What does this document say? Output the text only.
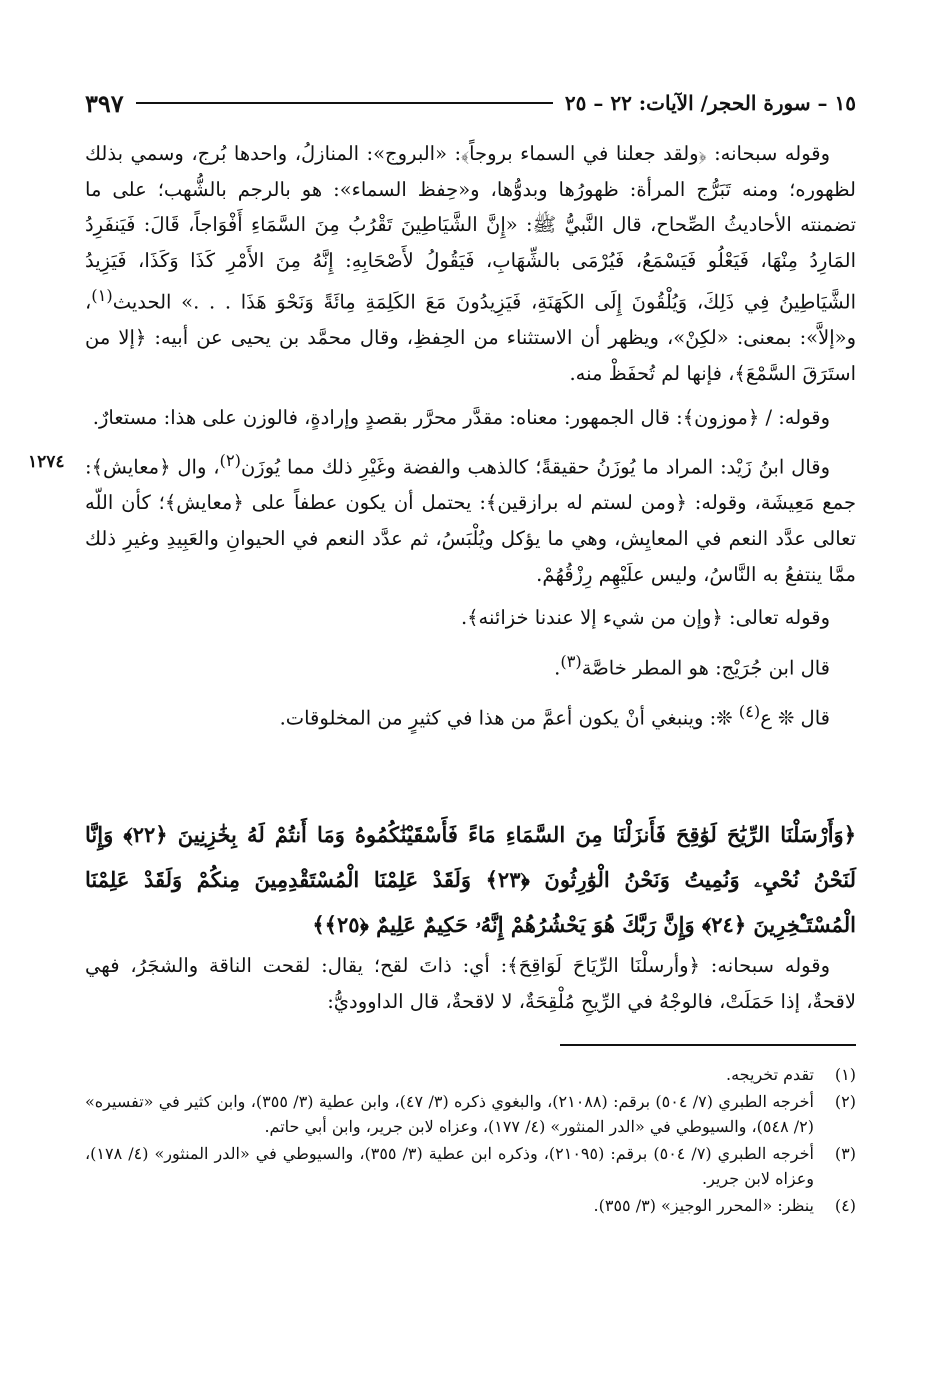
١٥ – سورة الحجر/ الآيات: ٢٢ – ٢٥
٣٩٧
١٢٧٤

وقوله سبحانه: ﴿ولقد جعلنا في السماء بروجاً﴾: «البروج»: المنازلُ، واحدها بُرج، وسمي بذلك لظهوره؛ ومنه تَبَرُّج المرأة: ظهورُها وبدوُّها، و«حِفظ السماء»: هو بالرجم بالشُّهب؛ على ما تضمنته الأحاديثُ الصِّحاح، قال النَّبيُّ ﷺ: «إِنَّ الشَّيَاطِينَ تَقْرُبُ مِنَ السَّمَاءِ أَفْوَاجاً، قَالَ: فَيَنفَرِدُ المَارِدُ مِنْهَا، فَيَعْلُو فَيَسْمَعُ، فَيُرْمَى بالشِّهَابِ، فَيَقُولُ لأَصْحَابِهِ: إِنَّهُ مِنَ الأَمْرِ كَذَا وَكَذَا، فَيَزِيدُ الشَّيَاطِينُ فِي ذَلِكَ، وَيُلْقُونَ إِلَى الكَهَنَةِ، فَيَزِيدُونَ مَعَ الكَلِمَةِ مِائَةً وَنَحْوَ هَذَا . . .» الحديث$^{(١)}$، و«إلاَّ»: بمعنى: «لكِنْ»، ويظهر أن الاستثناء من الحِفظِ، وقال محمَّد بن يحيى عن أبيه: ﴿إلا من استَرَقَ السَّمْعَ﴾، فإنها لم تُحفَظْ منه.

وقوله: / ﴿موزون﴾: قال الجمهور: معناه: مقدَّر محرَّر بقصدٍ وإرادةٍ، فالوزن على هذا: مستعارٌ.

وقال ابنُ زَيْد: المراد ما يُوزَنُ حقيقةً؛ كالذهب والفضة وغَيْرِ ذلك مما يُوزَن$^{(٢)}$، وال ﴿معايش﴾: جمع مَعِيشَة، وقوله: ﴿ومن لستم له برازقين﴾: يحتمل أن يكون عطفاً على ﴿معايش﴾؛ كأن اللّه تعالى عدَّد النعم في المعايِش، وهي ما يؤكل ويُلْبَسُ، ثم عدَّد النعم في الحيوانِ والعَبِيدِ وغيرِ ذلك ممَّا ينتفعُ به النَّاسُ، وليس علَيْهِم رِزْقُهُمْ.

وقوله تعالى: ﴿وإن من شيء إلا عندنا خزائنه﴾.

قال ابن جُرَيْج: هو المطر خاصَّة$^{(٣)}$.

قال ❊ ع$^{(٤)}$ ❊: وينبغي أنْ يكون أعمَّ من هذا في كثيرٍ من المخلوقات.

﴿وَأَرْسَلْنَا الرِّيَٰحَ لَوَٰقِحَ فَأَنزَلْنَا مِنَ السَّمَاءِ مَاءً فَأَسْقَيْنَٰكُمُوهُ وَمَا أَنتُمْ لَهُ بِخَٰزِنِينَ ﴿٢٢﴾ وَإِنَّا لَنَحْنُ نُحْيِۦ وَنُمِيتُ وَنَحْنُ الْوَٰرِثُونَ ﴿٢٣﴾ وَلَقَدْ عَلِمْنَا الْمُسْتَقْدِمِينَ مِنكُمْ وَلَقَدْ عَلِمْنَا الْمُسْتَـْٔخِرِينَ ﴿٢٤﴾ وَإِنَّ رَبَّكَ هُوَ يَحْشُرُهُمْ إِنَّهُۥ حَكِيمٌ عَلِيمٌ ﴿٢٥﴾﴾

وقوله سبحانه: ﴿وأرسلْنَا الرِّيَاحَ لَوَاقِحَ﴾: أي: ذاتَ لقح؛ يقال: لقحت الناقة والشجَرُ، فهي لاقحةٌ، إذا حَمَلَتْ، فالوجْهُ في الرِّيحِ مُلْقِحَةٌ، لا لاقحةٌ، قال الداووديُّ:

(١)
تقدم تخريجه.
(٢)
أخرجه الطبري (٧/ ٥٠٤) برقم: (٢١٠٨٨)، والبغوي ذكره (٣/ ٤٧)، وابن عطية (٣/ ٣٥٥)، وابن كثير في «تفسيره» (٢/ ٥٤٨)، والسيوطي في «الدر المنثور» (٤/ ١٧٧)، وعزاه لابن جرير، وابن أبي حاتم.
(٣)
أخرجه الطبري (٧/ ٥٠٤) برقم: (٢١٠٩٥)، وذكره ابن عطية (٣/ ٣٥٥)، والسيوطي في «الدر المنثور» (٤/ ١٧٨)، وعزاه لابن جرير.
(٤)
ينظر: «المحرر الوجيز» (٣/ ٣٥٥).
